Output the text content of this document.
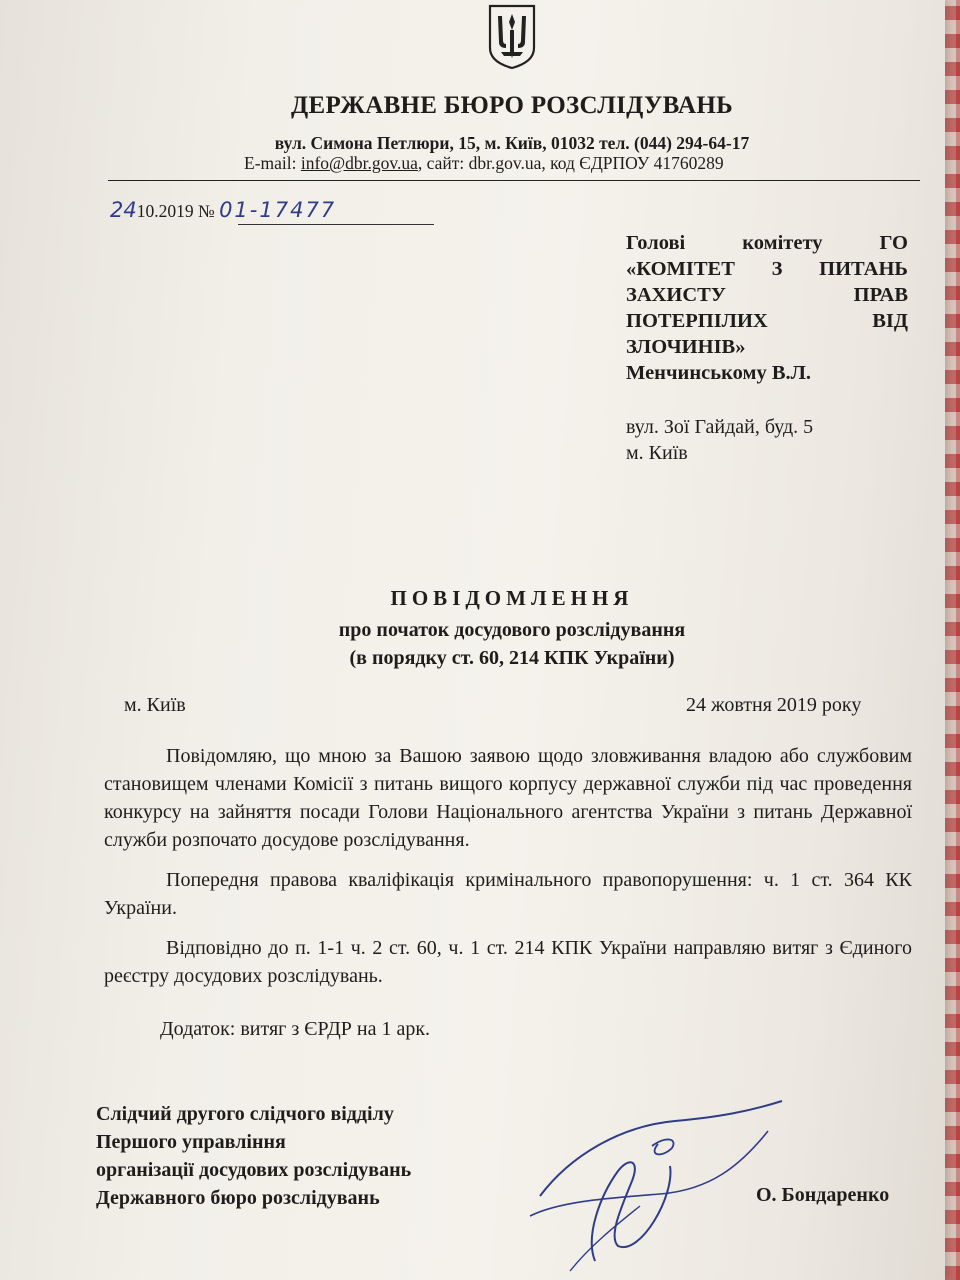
ДЕРЖАВНЕ БЮРО РОЗСЛІДУВАНЬ
вул. Симона Петлюри, 15, м. Київ, 01032 тел. (044) 294-64-17
E-mail: info@dbr.gov.ua, сайт: dbr.gov.ua, код ЄДРПОУ 41760289
2410.2019 № 01-17477
Голові комітету ГО
«КОМІТЕТ З ПИТАНЬ
ЗАХИСТУ ПРАВ
ПОТЕРПІЛИХ ВІД
ЗЛОЧИНІВ»
Менчинському В.Л.
вул. Зої Гайдай, буд. 5
м. Київ
ПОВІДОМЛЕННЯ
про початок досудового розслідування
(в порядку ст. 60, 214 КПК України)
м. Київ	24 жовтня 2019 року

Повідомляю, що мною за Вашою заявою щодо зловживання владою або службовим становищем членами Комісії з питань вищого корпусу державної служби під час проведення конкурсу на зайняття посади Голови Національного агентства України з питань Державної служби розпочато досудове розслідування.

Попередня правова кваліфікація кримінального правопорушення: ч. 1 ст. 364 КК України.

Відповідно до п. 1-1 ч. 2 ст. 60, ч. 1 ст. 214 КПК України направляю витяг з Єдиного реєстру досудових розслідувань.

Додаток: витяг з ЄРДР на 1 арк.
Слідчий другого слідчого відділу
Першого управління
організації досудових розслідувань
Державного бюро розслідувань	О. Бондаренко
